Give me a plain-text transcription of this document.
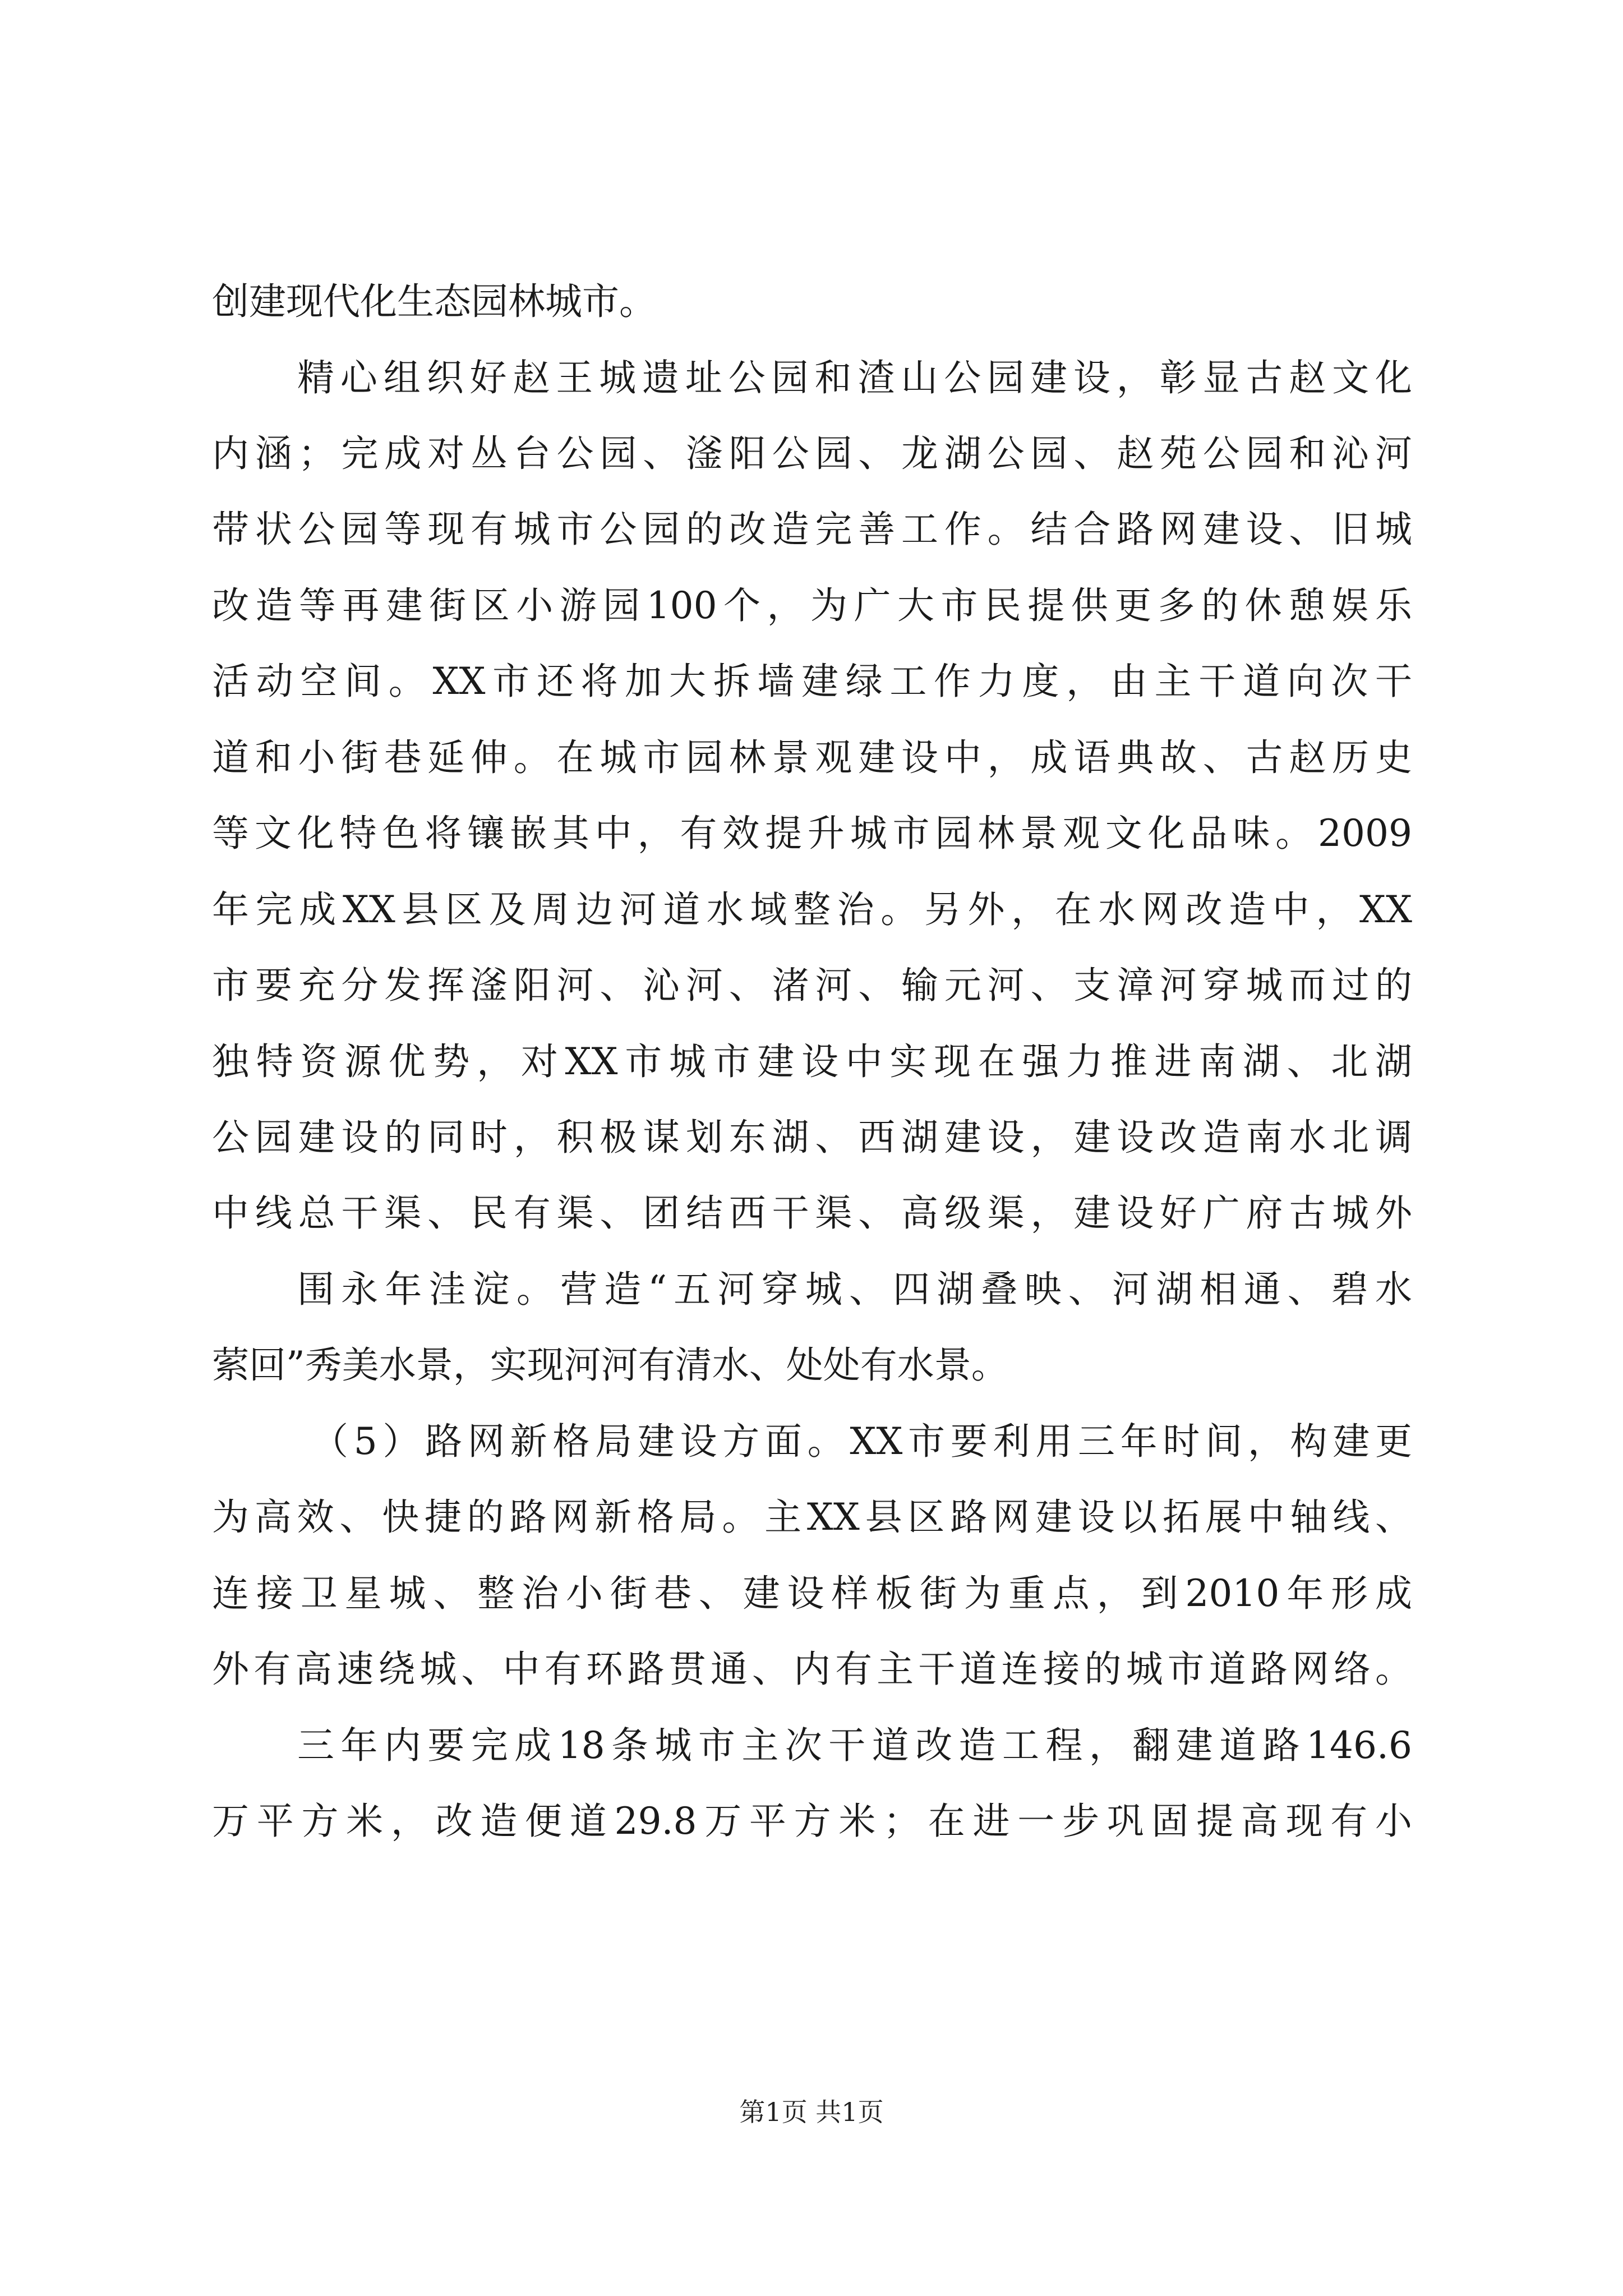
创建现代化生态园林城市。
精心组织好赵王城遗址公园和渣山公园建设，彰显古赵文化
内涵；完成对丛台公园、滏阳公园、龙湖公园、赵苑公园和沁河
带状公园等现有城市公园的改造完善工作。结合路网建设、旧城
改造等再建街区小游园100个，为广大市民提供更多的休憩娱乐
活动空间。XX市还将加大拆墙建绿工作力度，由主干道向次干
道和小街巷延伸。在城市园林景观建设中，成语典故、古赵历史
等文化特色将镶嵌其中，有效提升城市园林景观文化品味。2009
年完成XX县区及周边河道水域整治。另外，在水网改造中，XX
市要充分发挥滏阳河、沁河、渚河、输元河、支漳河穿城而过的
独特资源优势，对XX市城市建设中实现在强力推进南湖、北湖
公园建设的同时，积极谋划东湖、西湖建设，建设改造南水北调
中线总干渠、民有渠、团结西干渠、高级渠，建设好广府古城外
围永年洼淀。营造“五河穿城、四湖叠映、河湖相通、碧水
萦回”秀美水景，实现河河有清水、处处有水景。
（5）路网新格局建设方面。XX市要利用三年时间，构建更
为高效、快捷的路网新格局。主XX县区路网建设以拓展中轴线、
连接卫星城、整治小街巷、建设样板街为重点，到2010年形成
外有高速绕城、中有环路贯通、内有主干道连接的城市道路网络。
三年内要完成18条城市主次干道改造工程，翻建道路146.6
万平方米，改造便道29.8万平方米；在进一步巩固提高现有小
第1页 共1页
